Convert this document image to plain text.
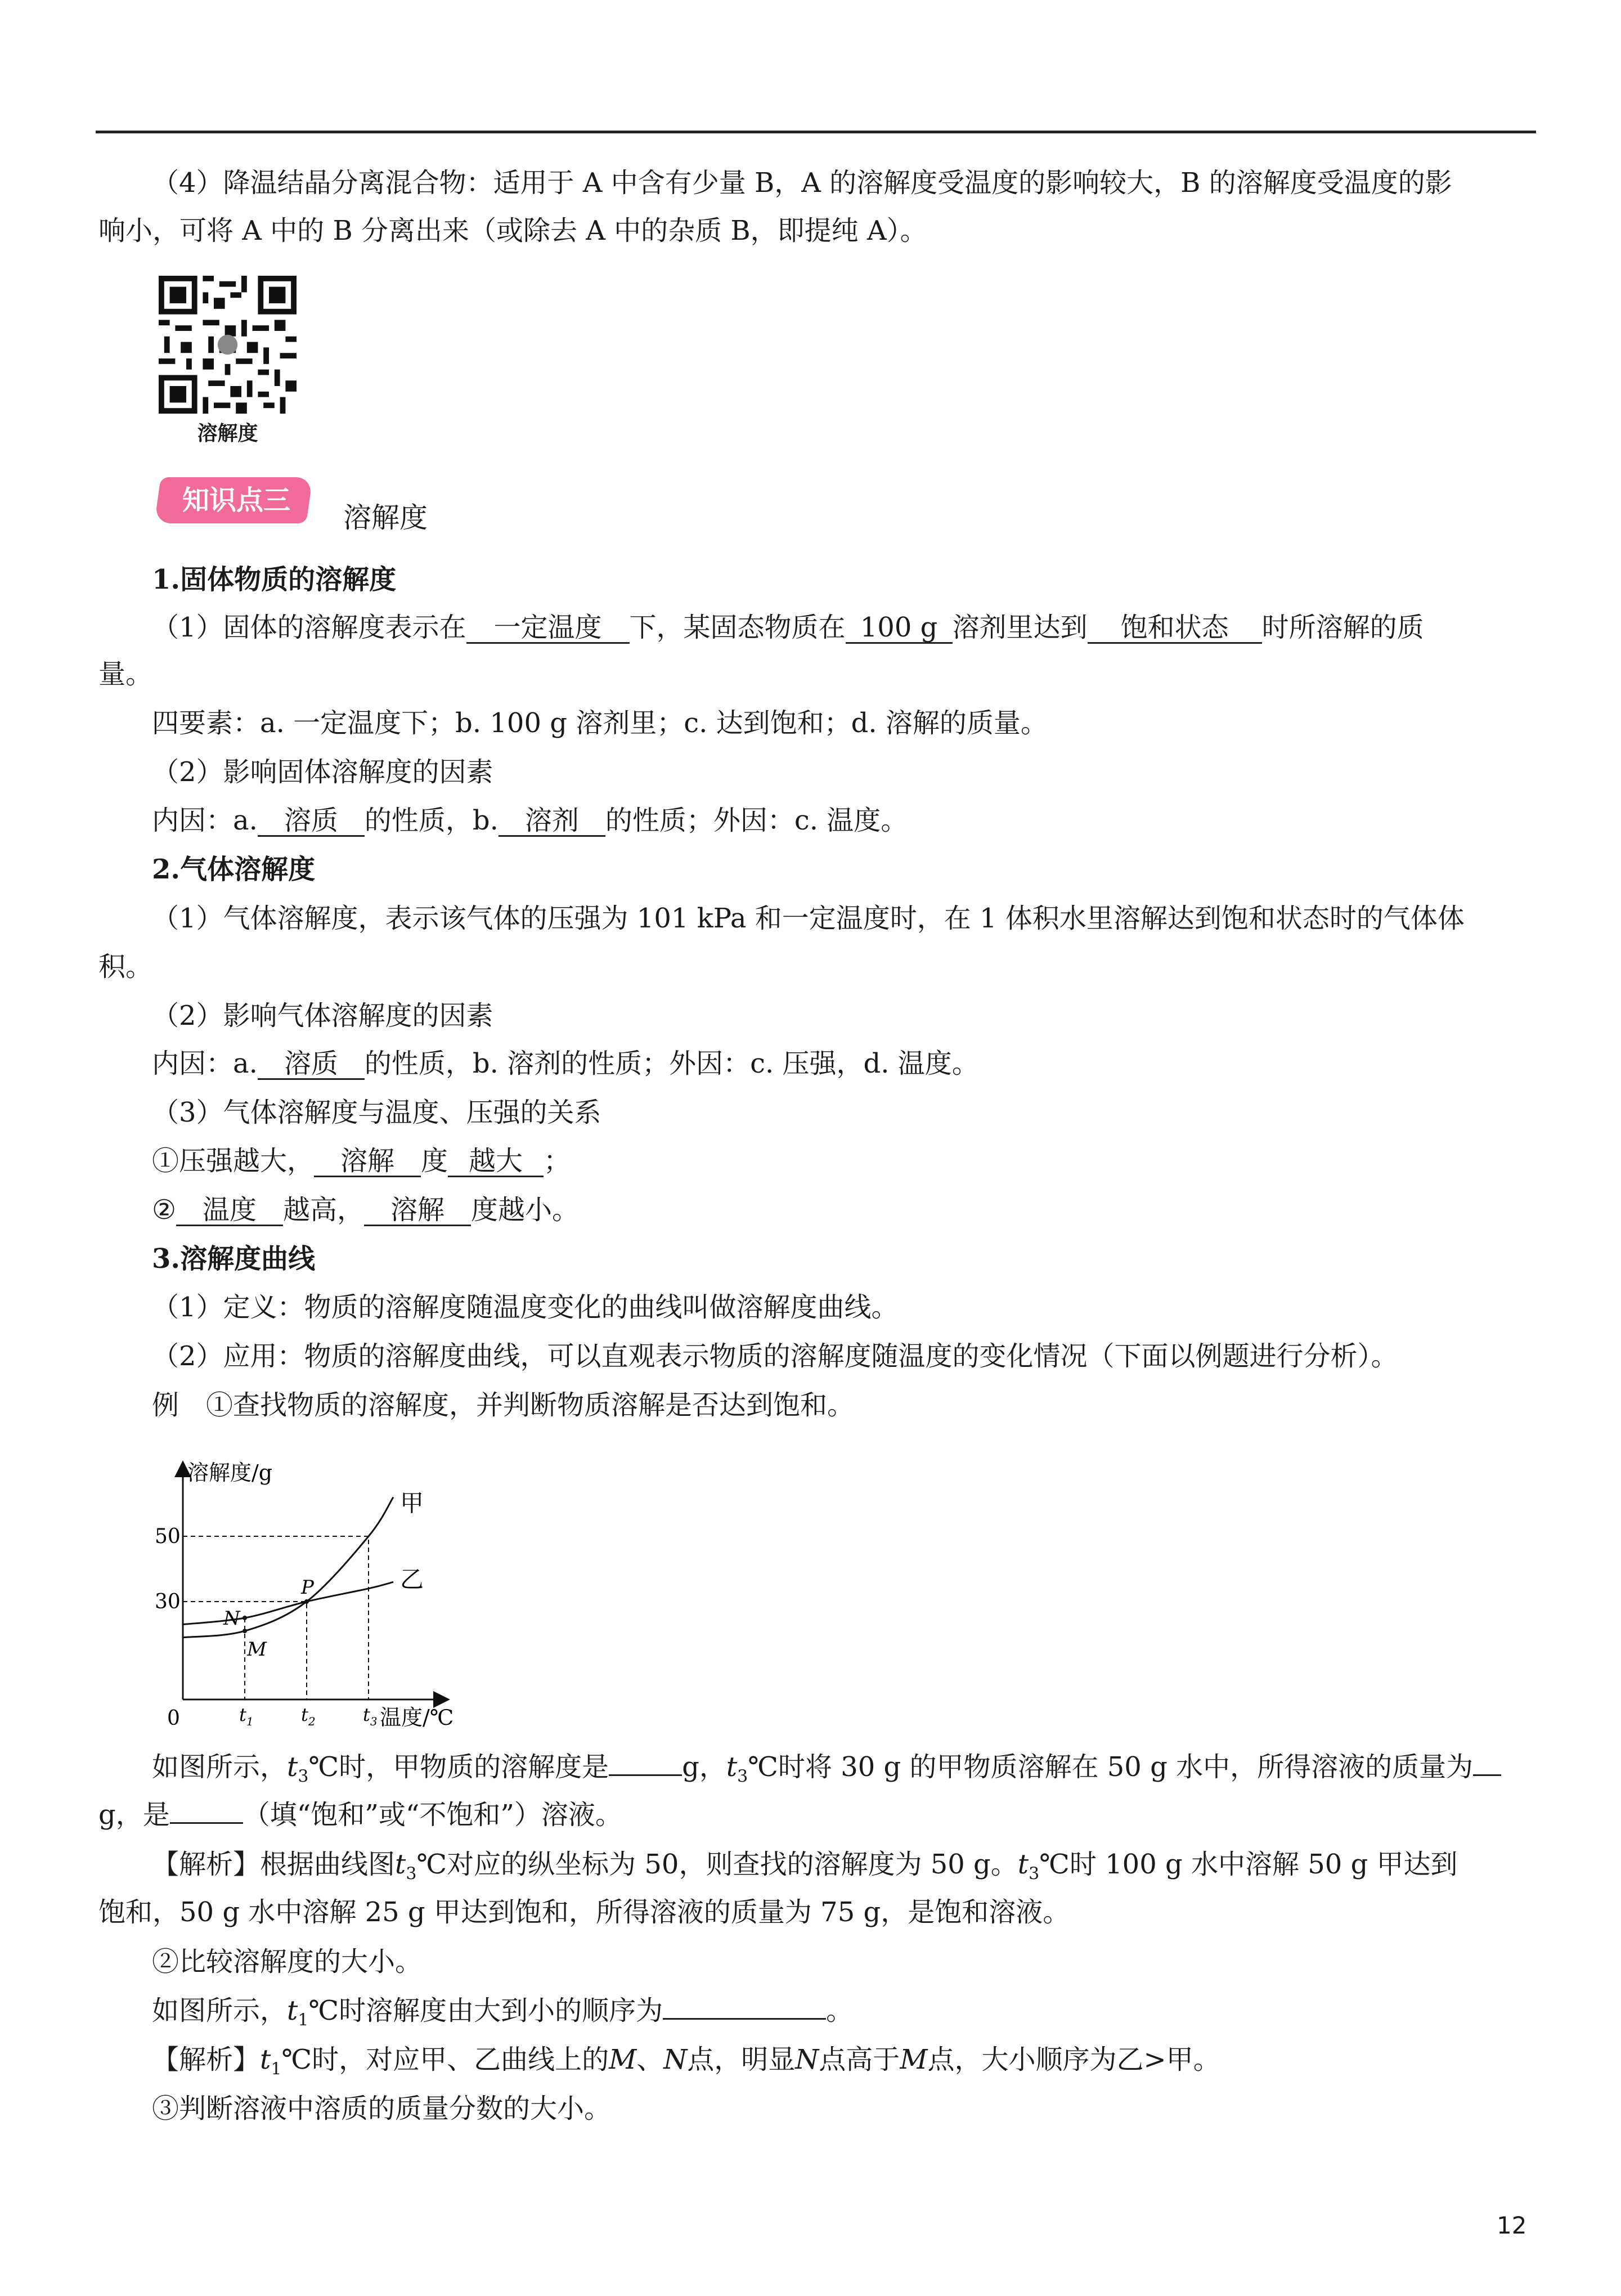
（4）降温结晶分离混合物：适用于 A 中含有少量 B，A 的溶解度受温度的影响较大，B 的溶解度受温度的影
响小，可将 A 中的 B 分离出来（或除去 A 中的杂质 B，即提纯 A）。
溶解度
知识点三
溶解度
1.固体物质的溶解度
（1）固体的溶解度表示在 一定温度 下，某固态物质在 100 g 溶剂里达到 饱和状态 时所溶解的质
量。
四要素：a. 一定温度下；b. 100 g 溶剂里；c. 达到饱和；d. 溶解的质量。
（2）影响固体溶解度的因素
内因：a. 溶质 的性质，b. 溶剂 的性质；外因：c. 温度。
2.气体溶解度
（1）气体溶解度，表示该气体的压强为 101 kPa 和一定温度时，在 1 体积水里溶解达到饱和状态时的气体体
积。
（2）影响气体溶解度的因素
内因：a. 溶质 的性质，b. 溶剂的性质；外因：c. 压强，d. 温度。
（3）气体溶解度与温度、压强的关系
①压强越大， 溶解 度 越大 ；
② 温度 越高， 溶解 度越小。
3.溶解度曲线
（1）定义：物质的溶解度随温度变化的曲线叫做溶解度曲线。
（2）应用：物质的溶解度曲线，可以直观表示物质的溶解度随温度的变化情况（下面以例题进行分析）。
例　①查找物质的溶解度，并判断物质溶解是否达到饱和。
溶解度/g
温度/℃
0
30
50
$t_1$	$t_2$	$t_3$
甲
乙
P
M
N
如图所示，$t_3℃$时，甲物质的溶解度是	g，$t_3℃$时将 30 g 的甲物质溶解在 50 g 水中，所得溶液的质量为
g，是	（填“饱和”或“不饱和”）溶液。
【解析】根据曲线图$t_3℃$对应的纵坐标为 50，则查找的溶解度为 50 g。$t_3℃$时 100 g 水中溶解 50 g 甲达到
饱和，50 g 水中溶解 25 g 甲达到饱和，所得溶液的质量为 75 g，是饱和溶液。
②比较溶解度的大小。
如图所示，$t_1℃$时溶解度由大到小的顺序为	。
【解析】$t_1℃$时，对应甲、乙曲线上的M、N点，明显N点高于M点，大小顺序为乙>甲。
③判断溶液中溶质的质量分数的大小。
12
